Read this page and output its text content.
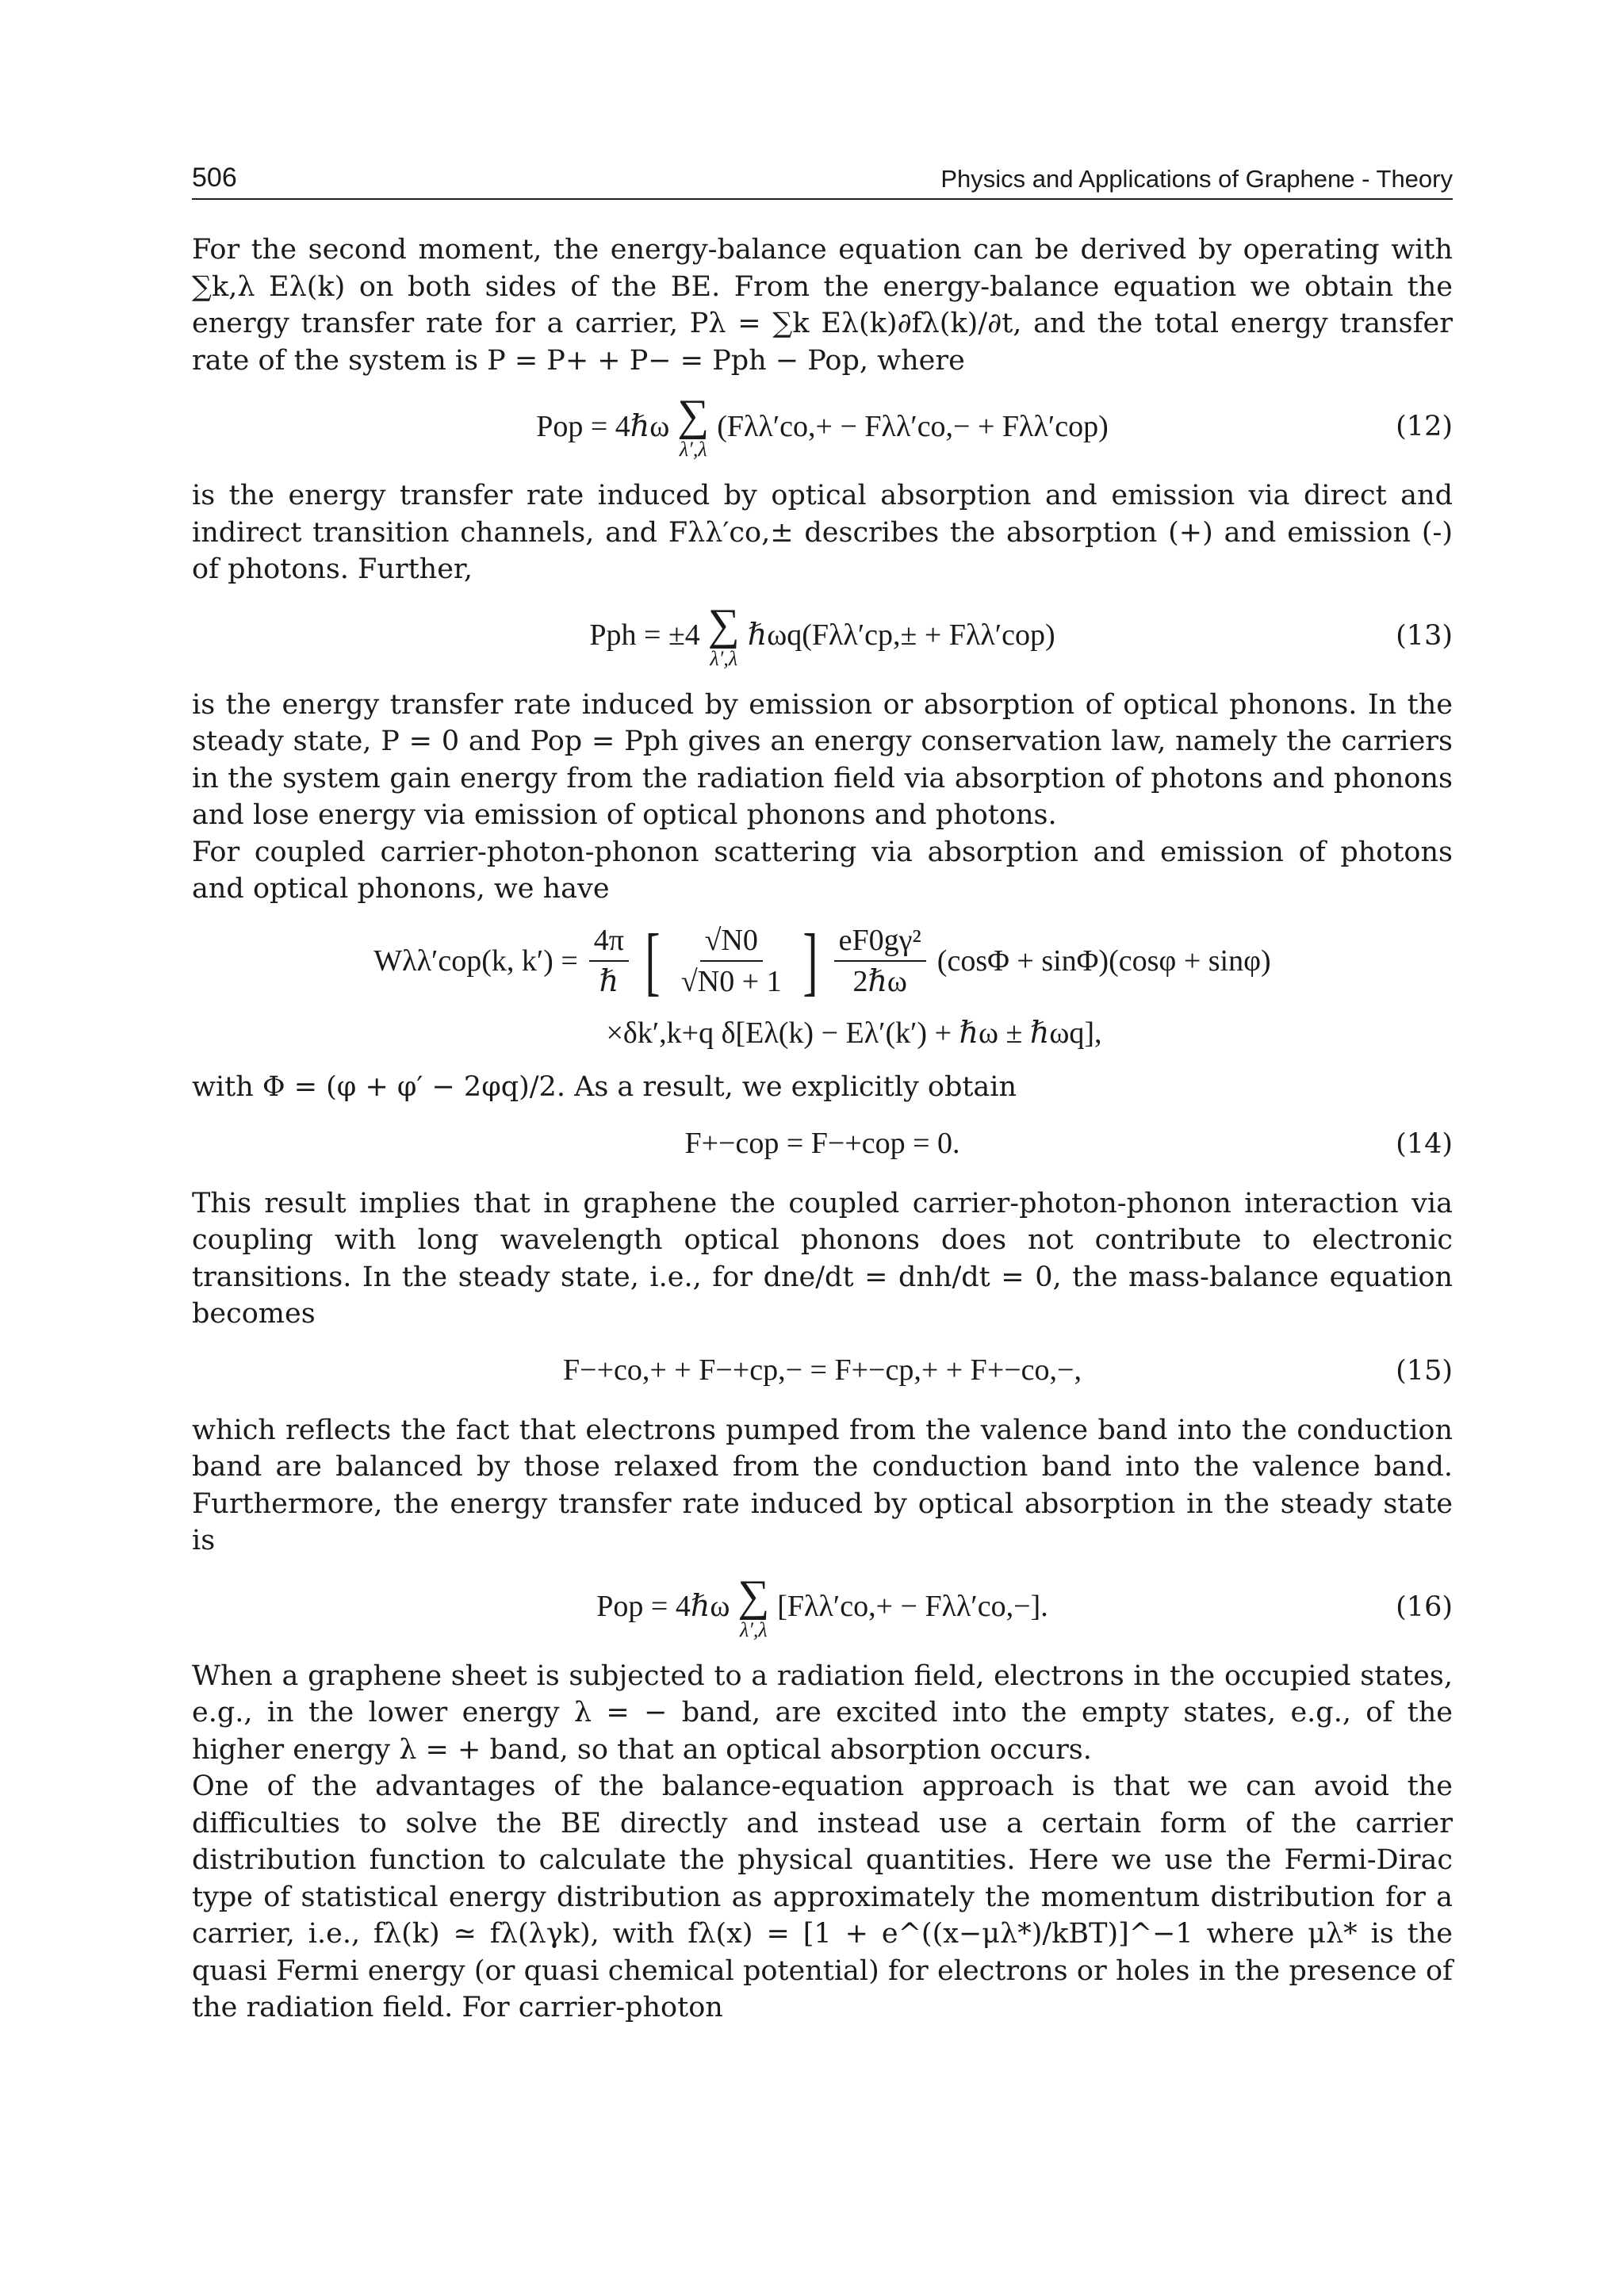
506	Physics and Applications of Graphene - Theory

For the second moment, the energy-balance equation can be derived by operating with ∑k,λ Eλ(k) on both sides of the BE. From the energy-balance equation we obtain the energy transfer rate for a carrier, Pλ = ∑k Eλ(k)∂fλ(k)/∂t, and the total energy transfer rate of the system is P = P+ + P− = Pph − Pop, where

Pop = 4ℏω ∑
λ′,λ
(Fλλ′co,+ − Fλλ′co,− + Fλλ′cop)	(12)

is the energy transfer rate induced by optical absorption and emission via direct and indirect transition channels, and Fλλ′co,± describes the absorption (+) and emission (-) of photons. Further,

Pph = ±4 ∑
λ′,λ
ℏωq(Fλλ′cp,± + Fλλ′cop)	(13)

is the energy transfer rate induced by emission or absorption of optical phonons. In the steady state, P = 0 and Pop = Pph gives an energy conservation law, namely the carriers in the system gain energy from the radiation field via absorption of photons and phonons and lose energy via emission of optical phonons and photons.

For coupled carrier-photon-phonon scattering via absorption and emission of photons and optical phonons, we have

Wλλ′cop(k, $k') = \frac{4\pi}{\text{ℏ}}$ [ $\frac{√N0}{√N0 + 1}$ ] $\frac{\text{eF0gγ²}}{\text{2ℏω}} (\cos\Phi + \sin\Phi)(\cos\varphi + \sin\varphi)$
×δk′,k+q δ[Eλ(k) − Eλ′(k′) + ℏω ± ℏωq],

with Φ = (φ + φ′ − 2φq)/2. As a result, we explicitly obtain

F+−cop = F−+cop = 0.	(14)

This result implies that in graphene the coupled carrier-photon-phonon interaction via coupling with long wavelength optical phonons does not contribute to electronic transitions. In the steady state, i.e., for dne/dt = dnh/dt = 0, the mass-balance equation becomes

F−+co,+ + F−+cp,− = F+−cp,+ + F+−co,−,	(15)

which reflects the fact that electrons pumped from the valence band into the conduction band are balanced by those relaxed from the conduction band into the valence band. Furthermore, the energy transfer rate induced by optical absorption in the steady state is

Pop = 4ℏω ∑
λ′,λ
[Fλλ′co,+ − Fλλ′co,−].	(16)

When a graphene sheet is subjected to a radiation field, electrons in the occupied states, e.g., in the lower energy λ = − band, are excited into the empty states, e.g., of the higher energy λ = + band, so that an optical absorption occurs.

One of the advantages of the balance-equation approach is that we can avoid the difficulties to solve the BE directly and instead use a certain form of the carrier distribution function to calculate the physical quantities. Here we use the Fermi-Dirac type of statistical energy distribution as approximately the momentum distribution for a carrier, i.e., fλ(k) ≃ fλ(λγk), with fλ(x) = [1 + e^((x−μλ*)/kBT)]^−1 where μλ* is the quasi Fermi energy (or quasi chemical potential) for electrons or holes in the presence of the radiation field. For carrier-photon
